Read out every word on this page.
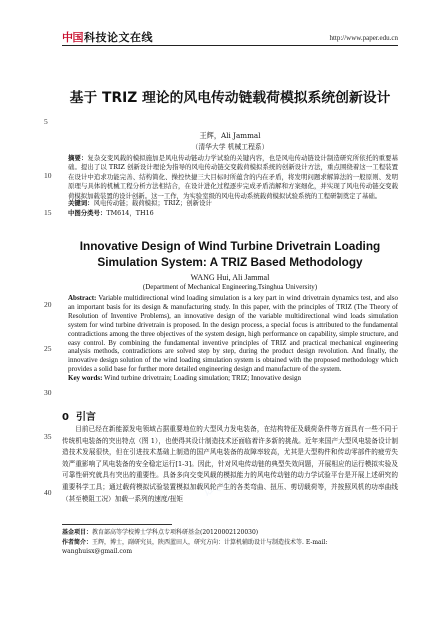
中国 科技论文在线	http://www.paper.edu.cn
5
10
15
20
25
30
35
40
基于 TRIZ 理论的风电传动链载荷模拟系统创新设计
王辉，Ali Jammal
（清华大学 机械工程系）
摘要：复杂交变风载的模拟施加是风电传动链动力学试验的关键内容，也是风电传动链设计制造研究所依托的重要基础。提出了以 TRIZ 创新设计理论为指导的风电传动链交变载荷模拟系统的创新设计方法，重点围绕着这一工程装置在设计中追求功能完善、结构简化、操控快捷三大目标时所蕴含的内在矛盾，将发明问题求解算法的一般原则、发明原理与具体的机械工程分析方法相结合，在设计进化过程逐步完成矛盾消解和方案细化，并实现了风电传动链交变载荷模拟加载装置的设计创新。这一工作，为实验室级的风电传动系统载荷模拟试验系统的工程研制奠定了基础。
关键词：风电传动链；载荷模拟；TRIZ；创新设计
中图分类号：TM614，TH16
Innovative Design of Wind Turbine Drivetrain Loading Simulation System: A TRIZ Based Methodology
WANG Hui, Ali Jammal
(Department of Mechanical Engineering,Tsinghua University)
Abstract: Variable multidirectional wind loading simulation is a key part in wind drivetrain dynamics test, and also an important basis for its design & manufacturing study. In this paper, with the principles of TRIZ (The Theory of Resolution of Inventive Problems), an innovative design of the variable multidirectional wind loads simulation system for wind turbine drivetrain is proposed. In the design process, a special focus is attributed to the fundamental contradictions among the three objectives of the system design, high performance on capability, simple structure, and easy control. By combining the fundamental inventive principles of TRIZ and practical mechanical engineering analysis methods, contradictions are solved step by step, during the product design revolution. And finally, the innovative design solution of the wind loading simulation system is obtained with the proposed methodology which provides a solid base for further more detailed engineering design and manufacture of the system.
Key words: Wind turbine drivetrain; Loading simulation; TRIZ; Innovative design
0 引言

目前已经在新能源发电领域占据重要地位的大型风力发电装备，在结构特征及载荷条件等方面具有一些不同于传统机电装备的突出特点（图 1），也使得其设计制造技术还面临着许多新的挑战。近年来国产大型风电装备设计制造技术发展很快，但在引进技术基础上制造的国产风电装备的故障率较高，尤其是大型构件和传动零部件的疲劳失效严重影响了风电装备的安全稳定运行[1-3]。因此，针对风电传动链的典型失效问题，开展相应的运行模拟实验及可靠性研究就具有突出的重要性。具备多向交变风载的模拟能力的风电传动链的动力学试验平台是开展上述研究的重要科学工具；通过载荷模拟试验装置模拟加载风轮产生的各类弯曲、扭压、剪切载荷等，并按照风机的功率曲线（甚至模阻工况）加载一系列的速度/扭矩

基金项目：教育部高等学校博士学科点专项科研基金(20120002120030)
作者简介：王辉，博士，副研究员，陕西蓝田人，研究方向：计算机辅助设计与制造技术等. E-mail: wanghuisx@gmail.com
试读	试读
试读	试读
试读
